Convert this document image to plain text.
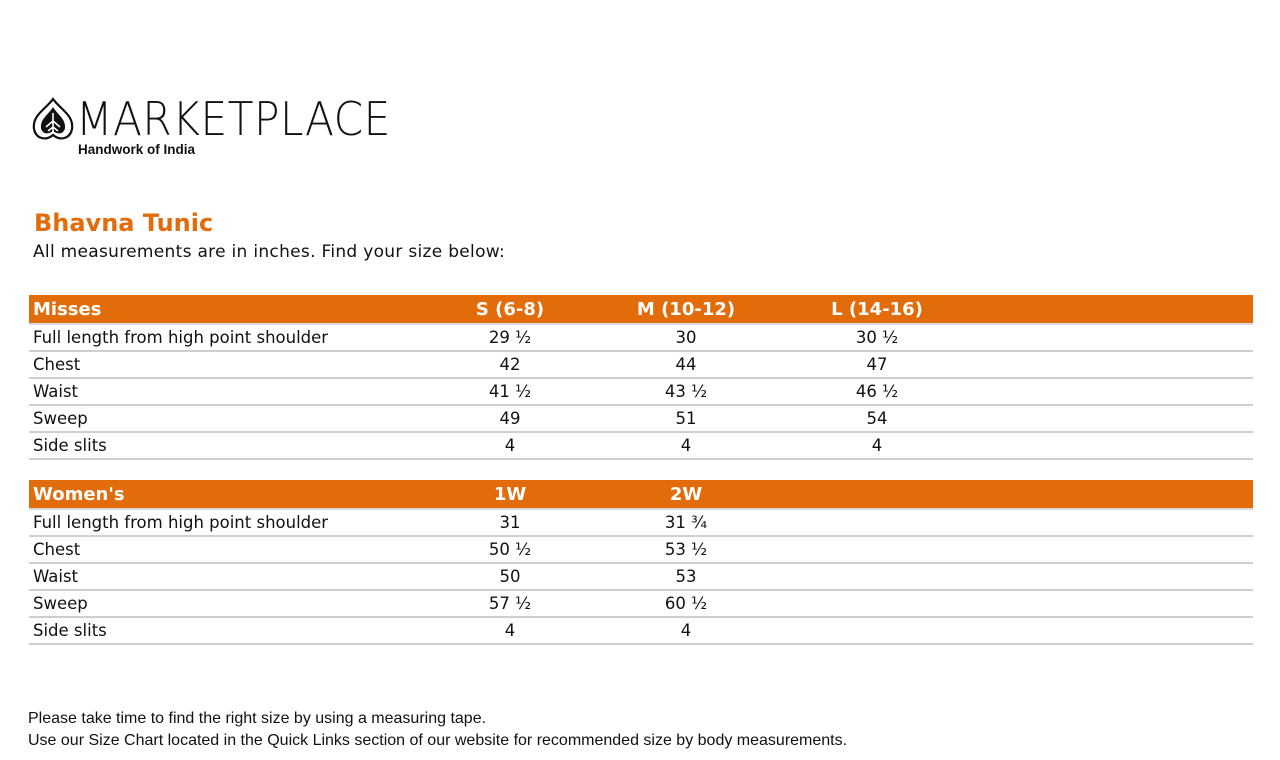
MARKETPLACE
Handwork of India
Bhavna Tunic
All measurements are in inches. Find your size below:
Misses	S (6-8)	M (10-12)	L (14-16)
Full length from high point shoulder	29 ½	30	30 ½
Chest	42	44	47
Waist	41 ½	43 ½	46 ½
Sweep	49	51	54
Side slits	4	4	4
Women's	1W	2W
Full length from high point shoulder	31	31 ¾
Chest	50 ½	53 ½
Waist	50	53
Sweep	57 ½	60 ½
Side slits	4	4
Please take time to find the right size by using a measuring tape.
Use our Size Chart located in the Quick Links section of our website for recommended size by body measurements.
